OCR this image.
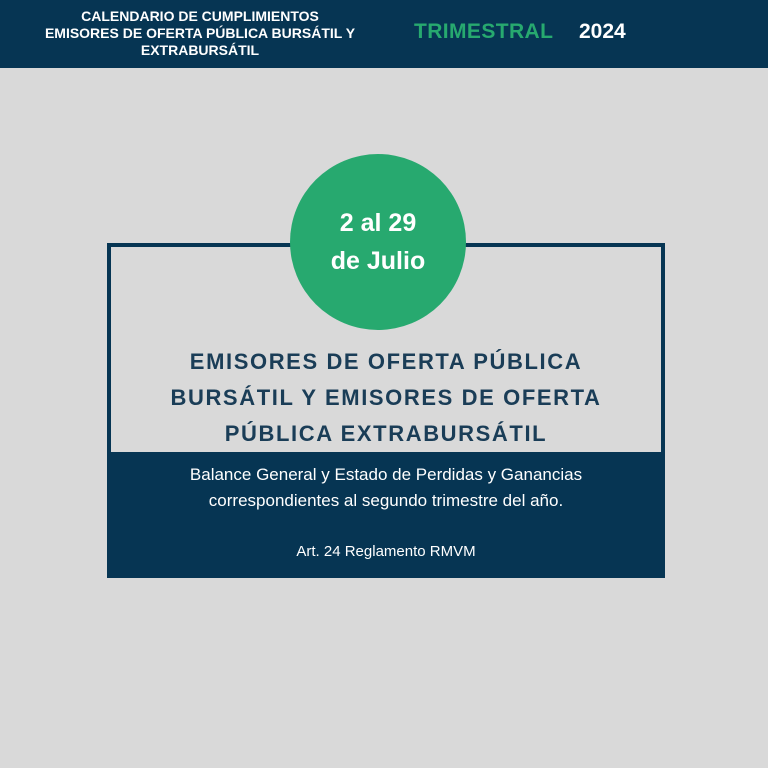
CALENDARIO DE CUMPLIMIENTOS
EMISORES DE OFERTA PÚBLICA BURSÁTIL Y
EXTRABURSÁTIL
TRIMESTRAL 2024
2 al 29
de Julio
EMISORES DE OFERTA PÚBLICA
BURSÁTIL Y EMISORES DE OFERTA
PÚBLICA EXTRABURSÁTIL
Balance General y Estado de Perdidas y Ganancias
correspondientes al segundo trimestre del año.
Art. 24 Reglamento RMVM
